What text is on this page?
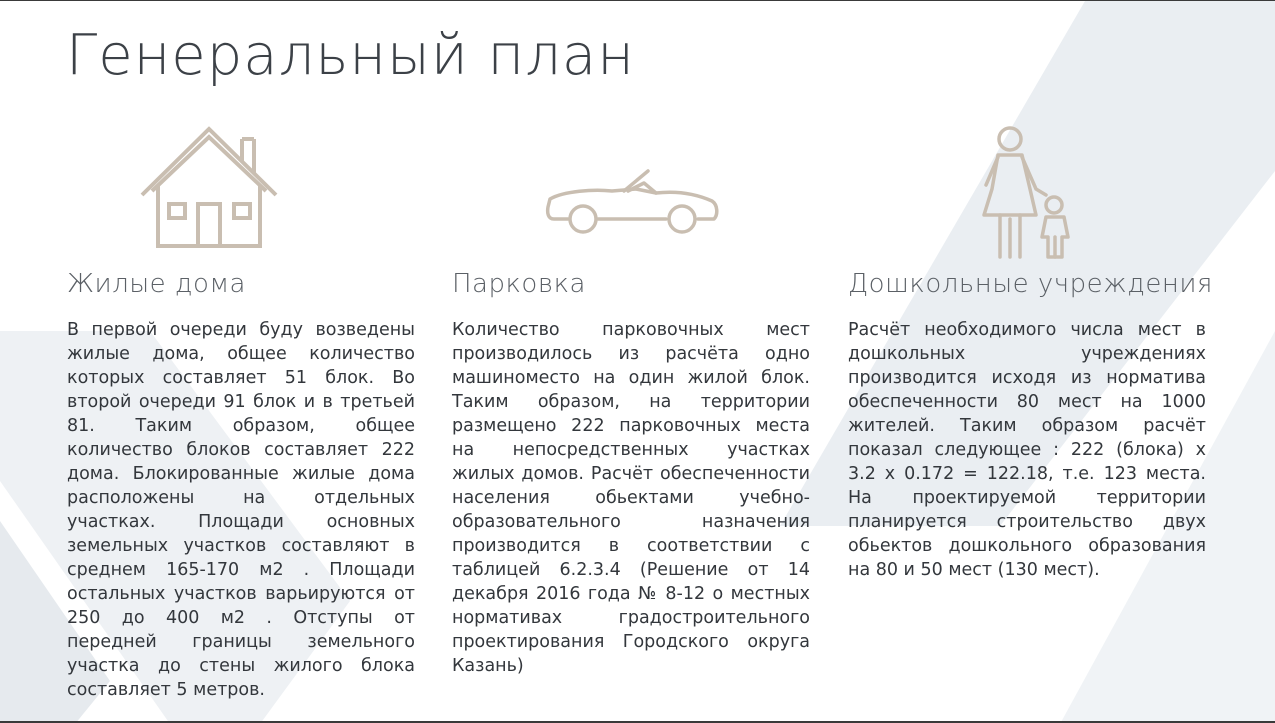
Генеральный план
Жилые дома	Парковка	Дошкольные учреждения

В первой очереди буду возведены жилые дома, общее количество которых составляет 51 блок. Во второй очереди 91 блок и в третьей 81. Таким образом, общее количество блоков составляет 222 дома. Блокированные жилые дома расположены на отдельных участках. Площади основных земельных участков составляют в среднем 165-170 м2 . Площади остальных участков варьируются от 250 до 400 м2 . Отступы от передней границы земельного участка до стены жилого блока составляет 5 метров.

Количество парковочных мест производилось из расчёта одно машиноместо на один жилой блок. Таким образом, на территории размещено 222 парковочных места на непосредственных участках жилых домов. Расчёт обеспеченности населения обьектами учебно-образовательного назначения производится в соответствии с таблицей 6.2.3.4 (Решение от 14 декабря 2016 года № 8-12 о местных нормативах градостроительного проектирования Городского округа Казань)

Расчёт необходимого числа мест в дошкольных учреждениях производится исходя из норматива обеспеченности 80 мест на 1000 жителей. Таким образом расчёт показал следующее : 222 (блока) х 3.2 х 0.172 = 122.18, т.е. 123 места. На проектируемой территории планируется строительство двух обьектов дошкольного образования на 80 и 50 мест (130 мест).
